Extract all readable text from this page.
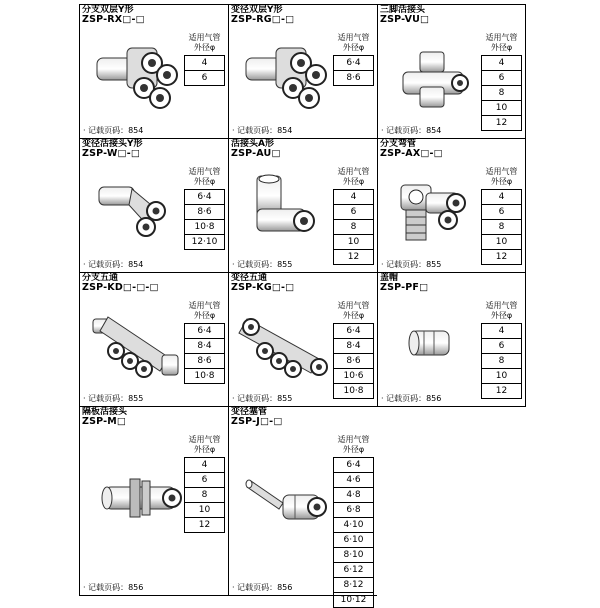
分支双层Y形
ZSP-RX□-□
适用气管
外径φ
4
6
· 记载页码：854
变径双层Y形
ZSP-RG□-□
适用气管
外径φ
6·4
8·6
· 记载页码：854
三脚活接头
ZSP-VU□
适用气管
外径φ
4
6
8
10
12
· 记载页码：854
变径活接头Y形
ZSP-W□-□
适用气管
外径φ
6·4
8·6
10·8
12·10
· 记载页码：854
活接头A形
ZSP-AU□
适用气管
外径φ
4
6
8
10
12
· 记载页码：855
分支弯管
ZSP-AX□-□
适用气管
外径φ
4
6
8
10
12
· 记载页码：855
分支五通
ZSP-KD□-□-□
适用气管
外径φ
6·4
8·4
8·6
10·8
· 记载页码：855
变径五通
ZSP-KG□-□
适用气管
外径φ
6·4
8·4
8·6
10·6
10·8
· 记载页码：855
盖帽
ZSP-PF□
适用气管
外径φ
4
6
8
10
12
· 记载页码：856
隔板活接头
ZSP-M□
适用气管
外径φ
4
6
8
10
12
· 记载页码：856
变径塞管
ZSP-J□-□
适用气管
外径φ
6·4
4·6
4·8
6·8
4·10
6·10
8·10
6·12
8·12
10·12
· 记载页码：856
